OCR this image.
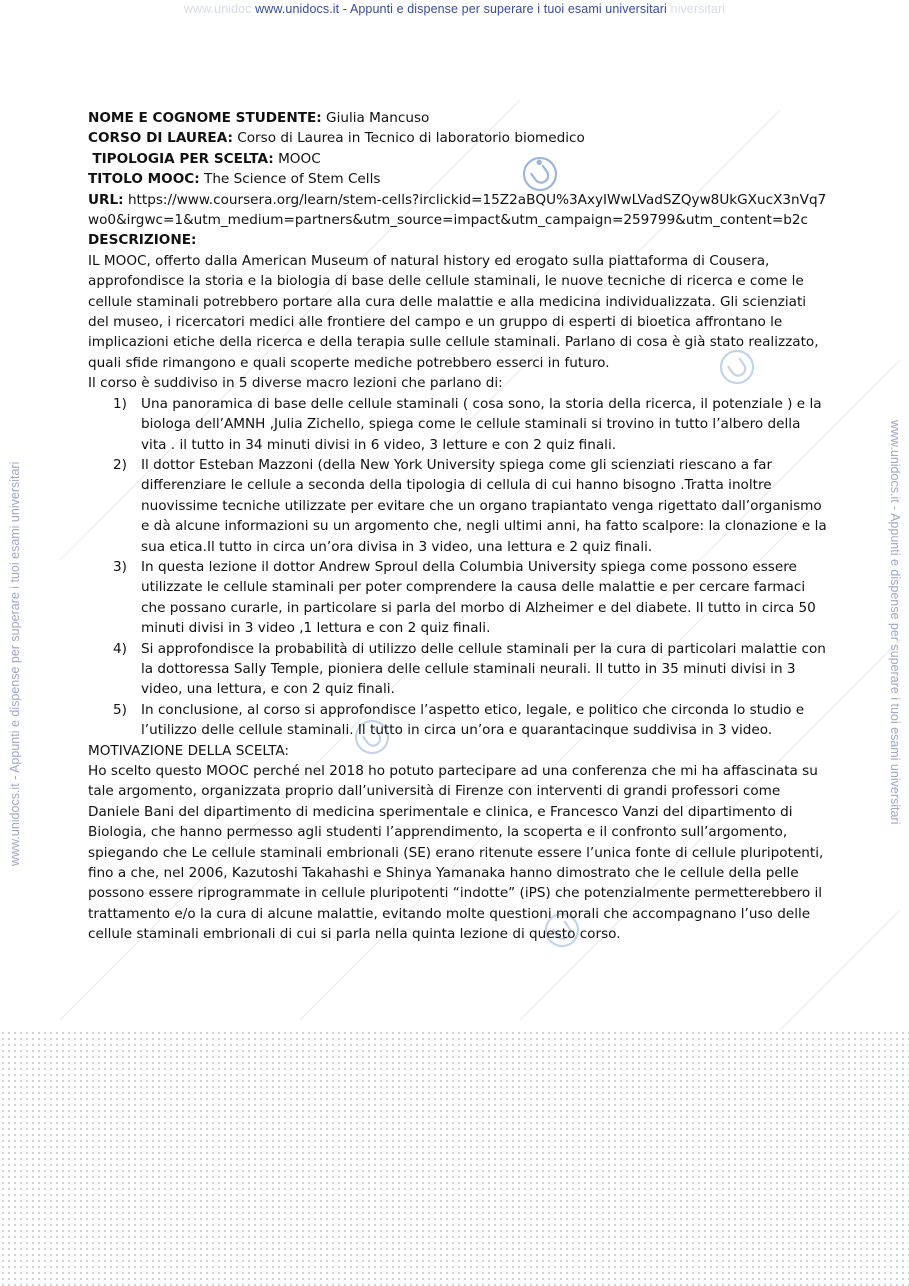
www.unidoc www.unidocs.it - Appunti e dispense per superare i tuoi esami universitari niversitari
www.unidocs.it - Appunti e dispense per superare i tuoi esami universitari	www.unidocs.it - Appunti e dispense per superare i tuoi esami universitari

NOME E COGNOME STUDENTE: Giulia Mancuso

CORSO DI LAUREA: Corso di Laurea in Tecnico di laboratorio biomedico

TIPOLOGIA PER SCELTA: MOOC

TITOLO MOOC: The Science of Stem Cells

URL: https://www.coursera.org/learn/stem-cells?irclickid=15Z2aBQU%3AxyIWwLVadSZQyw8UkGXucX3nVq7wo0&irgwc=1&utm_medium=partners&utm_source=impact&utm_campaign=259799&utm_content=b2c

DESCRIZIONE:

IL MOOC, offerto dalla American Museum of natural history ed erogato sulla piattaforma di Cousera, approfondisce la storia e la biologia di base delle cellule staminali, le nuove tecniche di ricerca e come le cellule staminali potrebbero portare alla cura delle malattie e alla medicina individualizzata. Gli scienziati del museo, i ricercatori medici alle frontiere del campo e un gruppo di esperti di bioetica affrontano le implicazioni etiche della ricerca e della terapia sulle cellule staminali. Parlano di cosa è già stato realizzato, quali sfide rimangono e quali scoperte mediche potrebbero esserci in futuro.

Il corso è suddiviso in 5 diverse macro lezioni che parlano di:

1) Una panoramica di base delle cellule staminali ( cosa sono, la storia della ricerca, il potenziale ) e la biologa dell’AMNH ,Julia Zichello, spiega come le cellule staminali si trovino in tutto l’albero della vita . il tutto in 34 minuti divisi in 6 video, 3 letture e con 2 quiz finali.
2) Il dottor Esteban Mazzoni (della New York University spiega come gli scienziati riescano a far differenziare le cellule a seconda della tipologia di cellula di cui hanno bisogno .Tratta inoltre nuovissime tecniche utilizzate per evitare che un organo trapiantato venga rigettato dall’organismo e dà alcune informazioni su un argomento che, negli ultimi anni, ha fatto scalpore: la clonazione e la sua etica.Il tutto in circa un’ora divisa in 3 video, una lettura e 2 quiz finali.
3) In questa lezione il dottor Andrew Sproul della Columbia University spiega come possono essere utilizzate le cellule staminali per poter comprendere la causa delle malattie e per cercare farmaci che possano curarle, in particolare si parla del morbo di Alzheimer e del diabete. Il tutto in circa 50 minuti divisi in 3 video ,1 lettura e con 2 quiz finali.
4) Si approfondisce la probabilità di utilizzo delle cellule staminali per la cura di particolari malattie con la dottoressa Sally Temple, pioniera delle cellule staminali neurali. Il tutto in 35 minuti divisi in 3 video, una lettura, e con 2 quiz finali.
5) In conclusione, al corso si approfondisce l’aspetto etico, legale, e politico che circonda lo studio e l’utilizzo delle cellule staminali. Il tutto in circa un’ora e quarantacinque suddivisa in 3 video.

MOTIVAZIONE DELLA SCELTA:

Ho scelto questo MOOC perché nel 2018 ho potuto partecipare ad una conferenza che mi ha affascinata su tale argomento, organizzata proprio dall’università di Firenze con interventi di grandi professori come Daniele Bani del dipartimento di medicina sperimentale e clinica, e Francesco Vanzi del dipartimento di Biologia, che hanno permesso agli studenti l’apprendimento, la scoperta e il confronto sull’argomento, spiegando che Le cellule staminali embrionali (SE) erano ritenute essere l’unica fonte di cellule pluripotenti, fino a che, nel 2006, Kazutoshi Takahashi e Shinya Yamanaka hanno dimostrato che le cellule della pelle possono essere riprogrammate in cellule pluripotenti “indotte” (iPS) che potenzialmente permetterebbero il trattamento e/o la cura di alcune malattie, evitando molte questioni morali che accompagnano l’uso delle cellule staminali embrionali di cui si parla nella quinta lezione di questo corso.
